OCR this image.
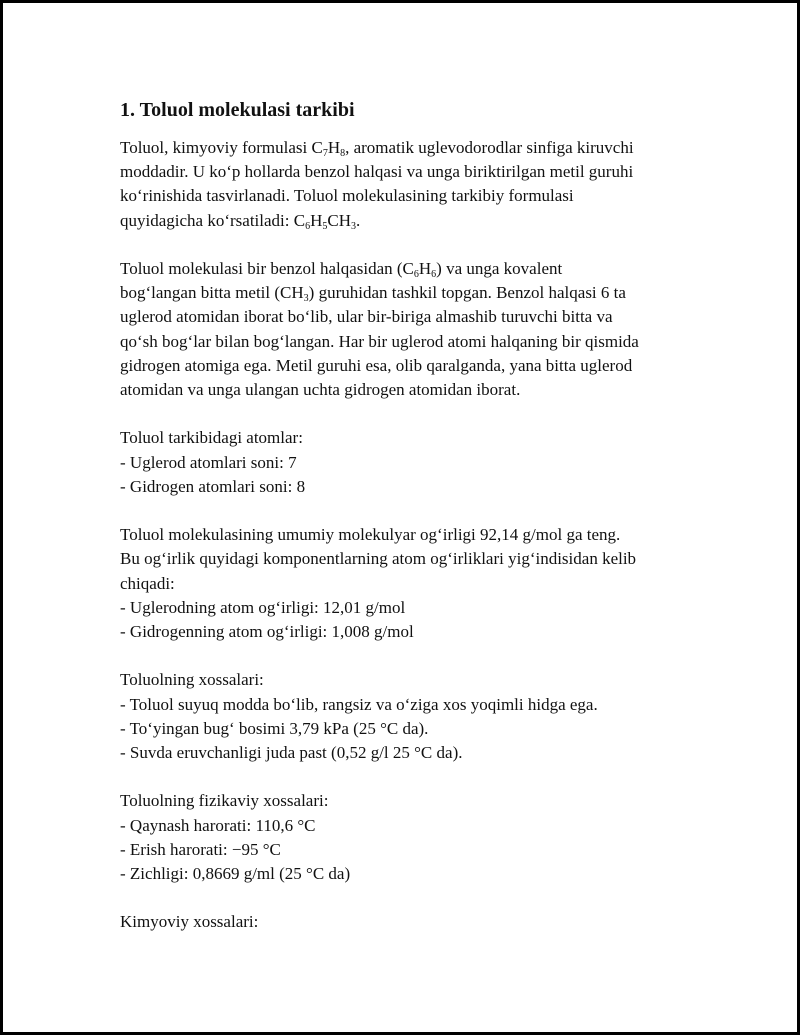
1. Toluol molekulasi tarkibi

Toluol, kimyoviy formulasi $C_7H_8$, aromatik uglevodorodlar sinfiga kiruvchi
moddadir. U ko‘p hollarda benzol halqasi va unga biriktirilgan metil guruhi
ko‘rinishida tasvirlanadi. Toluol molekulasining tarkibiy formulasi
quyidagicha ko‘rsatiladi: $C_6H_5CH_3$.

Toluol molekulasi bir benzol halqasidan $(C_6H_6)$ va unga kovalent
bog‘langan bitta metil $(CH_3)$ guruhidan tashkil topgan. Benzol halqasi 6 ta
uglerod atomidan iborat bo‘lib, ular bir-biriga almashib turuvchi bitta va
qo‘sh bog‘lar bilan bog‘langan. Har bir uglerod atomi halqaning bir qismida
gidrogen atomiga ega. Metil guruhi esa, olib qaralganda, yana bitta uglerod
atomidan va unga ulangan uchta gidrogen atomidan iborat.

Toluol tarkibidagi atomlar:
- Uglerod atomlari soni: 7
- Gidrogen atomlari soni: 8

Toluol molekulasining umumiy molekulyar og‘irligi 92,14 g/mol ga teng.
Bu og‘irlik quyidagi komponentlarning atom og‘irliklari yig‘indisidan kelib
chiqadi:
- Uglerodning atom og‘irligi: 12,01 g/mol
- Gidrogenning atom og‘irligi: 1,008 g/mol

Toluolning xossalari:
- Toluol suyuq modda bo‘lib, rangsiz va o‘ziga xos yoqimli hidga ega.
- To‘yingan bug‘ bosimi 3,79 kPa (25 °C da).
- Suvda eruvchanligi juda past (0,52 g/l 25 °C da).

Toluolning fizikaviy xossalari:
- Qaynash harorati: 110,6 °C
- Erish harorati: −95 °C
- Zichligi: 0,8669 g/ml (25 °C da)

Kimyoviy xossalari:
